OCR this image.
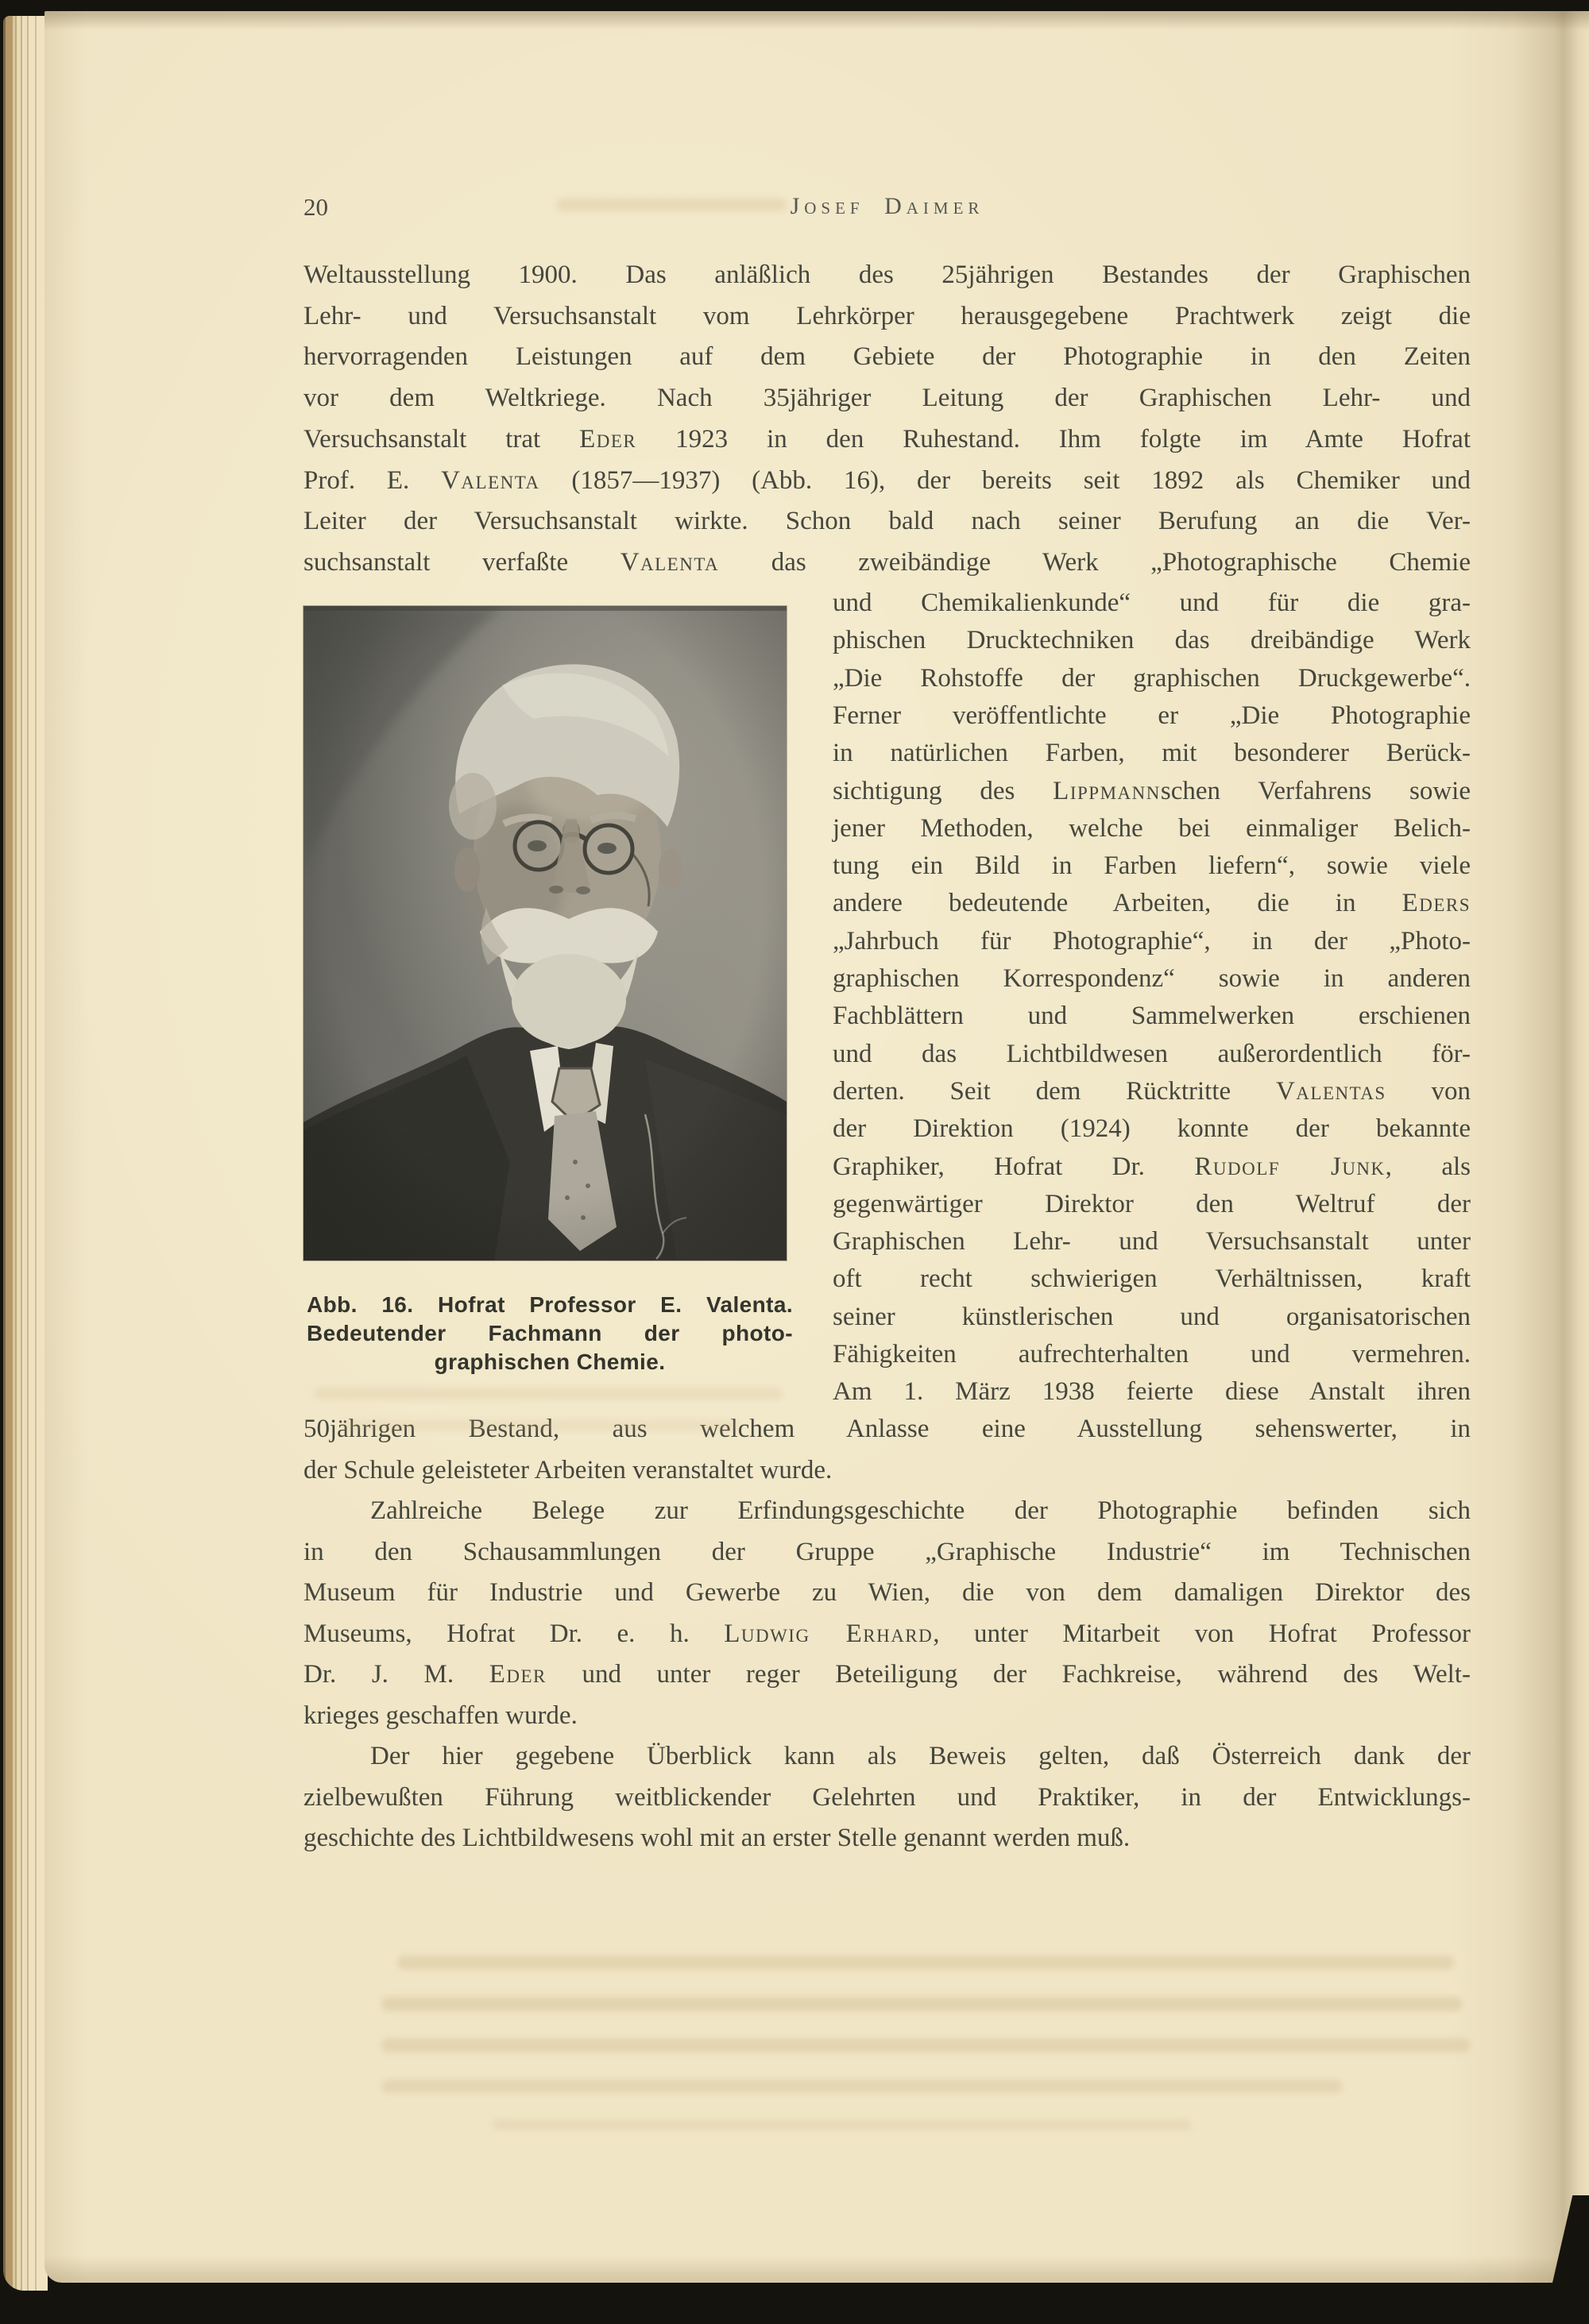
20	Josef Daimer
Weltausstellung 1900. Das anläßlich des 25jährigen Bestandes der Graphischen
Lehr- und Versuchsanstalt vom Lehrkörper herausgegebene Prachtwerk zeigt die
hervorragenden Leistungen auf dem Gebiete der Photographie in den Zeiten
vor dem Weltkriege. Nach 35jähriger Leitung der Graphischen Lehr- und
Versuchsanstalt trat Eder 1923 in den Ruhestand. Ihm folgte im Amte Hofrat
Prof. E. Valenta (1857—1937) (Abb. 16), der bereits seit 1892 als Chemiker und
Leiter der Versuchsanstalt wirkte. Schon bald nach seiner Berufung an die Ver-
suchsanstalt verfaßte Valenta das zweibändige Werk „Photographische Chemie
und Chemikalienkunde“ und für die gra-
phischen Drucktechniken das dreibändige Werk
„Die Rohstoffe der graphischen Druckgewerbe“.
Ferner veröffentlichte er „Die Photographie
in natürlichen Farben, mit besonderer Berück-
sichtigung des Lippmannschen Verfahrens sowie
jener Methoden, welche bei einmaliger Belich-
tung ein Bild in Farben liefern“, sowie viele
andere bedeutende Arbeiten, die in Eders
„Jahrbuch für Photographie“, in der „Photo-
graphischen Korrespondenz“ sowie in anderen
Fachblättern und Sammelwerken erschienen
und das Lichtbildwesen außerordentlich för-
derten. Seit dem Rücktritte Valentas von
der Direktion (1924) konnte der bekannte
Graphiker, Hofrat Dr. Rudolf Junk, als
gegenwärtiger Direktor den Weltruf der
Graphischen Lehr- und Versuchsanstalt unter
oft recht schwierigen Verhältnissen, kraft
seiner künstlerischen und organisatorischen
Fähigkeiten aufrechterhalten und vermehren.
Am 1. März 1938 feierte diese Anstalt ihren
50jährigen Bestand, aus welchem Anlasse eine Ausstellung sehenswerter, in
der Schule geleisteter Arbeiten veranstaltet wurde.
Zahlreiche Belege zur Erfindungsgeschichte der Photographie befinden sich
in den Schausammlungen der Gruppe „Graphische Industrie“ im Technischen
Museum für Industrie und Gewerbe zu Wien, die von dem damaligen Direktor des
Museums, Hofrat Dr. e. h. Ludwig Erhard, unter Mitarbeit von Hofrat Professor
Dr. J. M. Eder und unter reger Beteiligung der Fachkreise, während des Welt-
krieges geschaffen wurde.
Der hier gegebene Überblick kann als Beweis gelten, daß Österreich dank der
zielbewußten Führung weitblickender Gelehrten und Praktiker, in der Entwicklungs-
geschichte des Lichtbildwesens wohl mit an erster Stelle genannt werden muß.
Abb. 16. Hofrat Professor E. Valenta.
Bedeutender Fachmann der photo-
graphischen Chemie.
